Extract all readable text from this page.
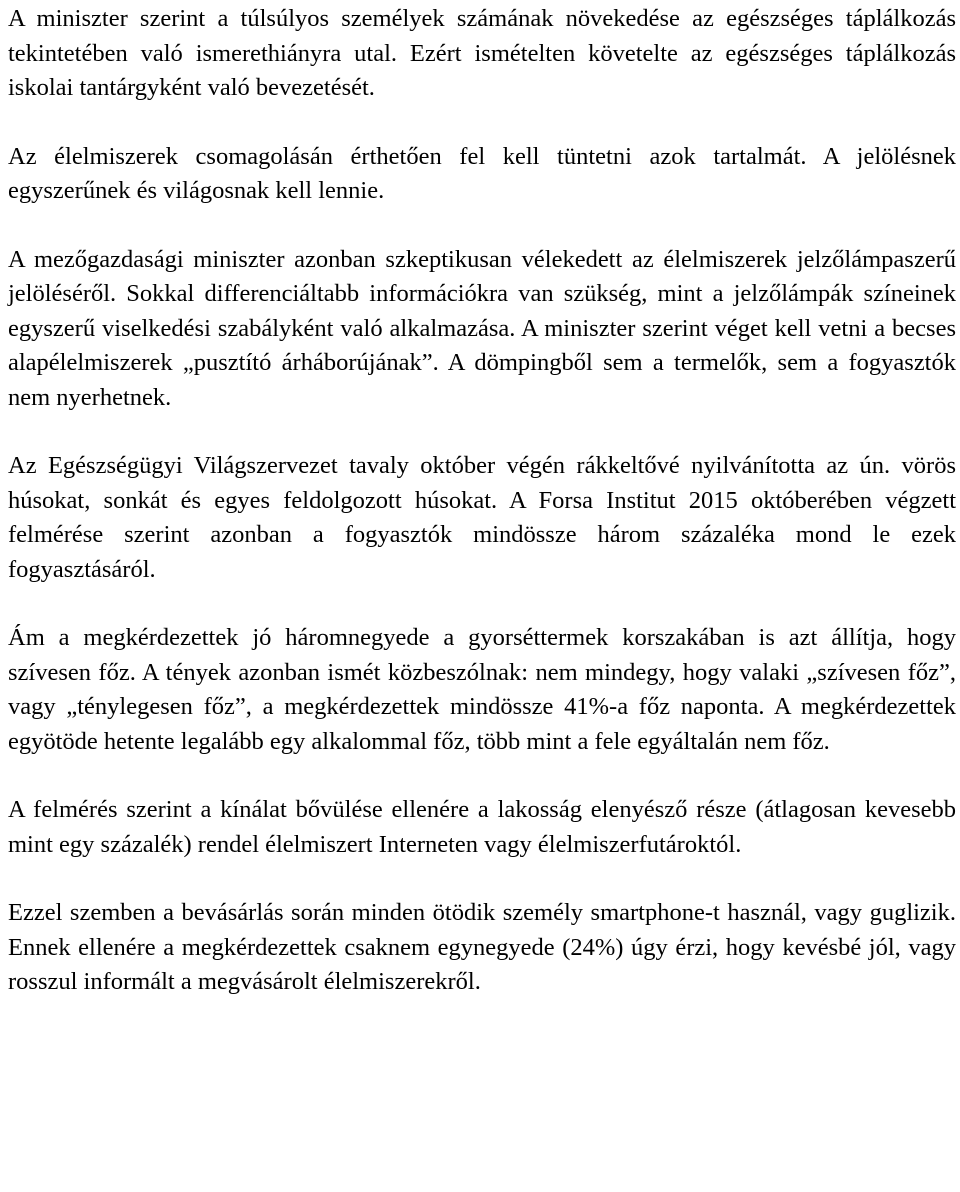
A miniszter szerint a túlsúlyos személyek számának növekedése az egészséges táplálkozás tekintetében való ismerethiányra utal. Ezért ismételten követelte az egészséges táplálkozás iskolai tantárgyként való bevezetését.

Az élelmiszerek csomagolásán érthetően fel kell tüntetni azok tartalmát. A jelölésnek egyszerűnek és világosnak kell lennie.

A mezőgazdasági miniszter azonban szkeptikusan vélekedett az élelmiszerek jelzőlámpaszerű jelöléséről. Sokkal differenciáltabb információkra van szükség, mint a jelzőlámpák színeinek egyszerű viselkedési szabályként való alkalmazása. A miniszter szerint véget kell vetni a becses alapélelmiszerek „pusztító árháborújának”. A dömpingből sem a termelők, sem a fogyasztók nem nyerhetnek.

Az Egészségügyi Világszervezet tavaly október végén rákkeltővé nyilvánította az ún. vörös húsokat, sonkát és egyes feldolgozott húsokat. A Forsa Institut 2015 októberében végzett felmérése szerint azonban a fogyasztók mindössze három százaléka mond le ezek fogyasztásáról.

Ám a megkérdezettek jó háromnegyede a gyorséttermek korszakában is azt állítja, hogy szívesen főz. A tények azonban ismét közbeszólnak: nem mindegy, hogy valaki „szívesen főz”, vagy „ténylegesen főz”, a megkérdezettek mindössze 41%-a főz naponta. A megkérdezettek egyötöde hetente legalább egy alkalommal főz, több mint a fele egyáltalán nem főz.

A felmérés szerint a kínálat bővülése ellenére a lakosság elenyésző része (átlagosan kevesebb mint egy százalék) rendel élelmiszert Interneten vagy élelmiszerfutároktól.

Ezzel szemben a bevásárlás során minden ötödik személy smartphone-t használ, vagy guglizik. Ennek ellenére a megkérdezettek csaknem egynegyede (24%) úgy érzi, hogy kevésbé jól, vagy rosszul informált a megvásárolt élelmiszerekről.
